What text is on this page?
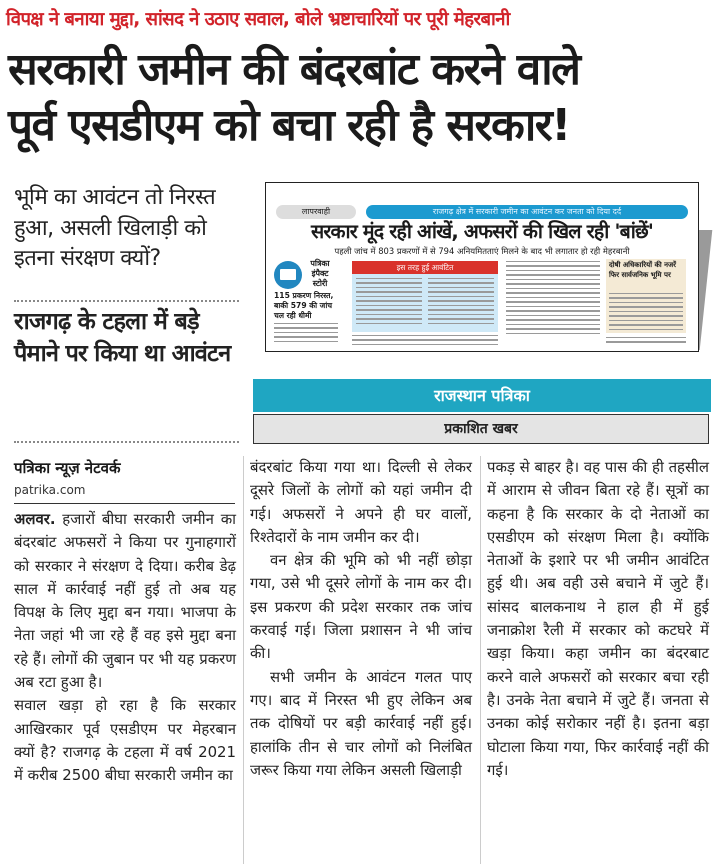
विपक्ष ने बनाया मुद्दा, सांसद ने उठाए सवाल, बोले भ्रष्टाचारियों पर पूरी मेहरबानी
सरकारी जमीन की बंदरबांट करने वाले
पूर्व एसडीएम को बचा रही है सरकार!
भूमि का आवंटन तो निरस्त हुआ, असली खिलाड़ी को इतना संरक्षण क्यों?
राजगढ़ के टहला में बड़े पैमाने पर किया था आवंटन
लापरवाही	राजगढ़ क्षेत्र में सरकारी जमीन का आवंटन कर जनता को दिया दर्द
सरकार मूंद रही आंखें, अफसरों की खिल रही 'बांछें'
पहली जांच में 803 प्रकरणों में से 794 अनियमितताएं मिलने के बाद भी लगातार हो रही मेहरबानी
पत्रिका इंपैक्ट स्टोरी
115 प्रकरण निरस्त, बाकी 579 की जांच चल रही धीमी
इस तरह हुई आवंटित	दोषी अधिकारियों की नजरें फिर सार्वजनिक भूमि पर
राजस्थान पत्रिका
प्रकाशित खबर
पत्रिका न्यूज़ नेटवर्क
patrika.com

अलवर. हजारों बीघा सरकारी जमीन का बंदरबांट अफसरों ने किया पर गुनाहगारों को सरकार ने संरक्षण दे दिया। करीब डेढ़ साल में कार्रवाई नहीं हुई तो अब यह विपक्ष के लिए मुद्दा बन गया। भाजपा के नेता जहां भी जा रहे हैं वह इसे मुद्दा बना रहे हैं। लोगों की जुबान पर भी यह प्रकरण अब रटा हुआ है।

सवाल खड़ा हो रहा है कि सरकार आखिरकार पूर्व एसडीएम पर मेहरबान क्यों है? राजगढ़ के टहला में वर्ष 2021 में करीब 2500 बीघा सरकारी जमीन का

बंदरबांट किया गया था। दिल्ली से लेकर दूसरे जिलों के लोगों को यहां जमीन दी गई। अफसरों ने अपने ही घर वालों, रिश्तेदारों के नाम जमीन कर दी।

वन क्षेत्र की भूमि को भी नहीं छोड़ा गया, उसे भी दूसरे लोगों के नाम कर दी। इस प्रकरण की प्रदेश सरकार तक जांच करवाई गई। जिला प्रशासन ने भी जांच की।

सभी जमीन के आवंटन गलत पाए गए। बाद में निरस्त भी हुए लेकिन अब तक दोषियों पर बड़ी कार्रवाई नहीं हुई। हालांकि तीन से चार लोगों को निलंबित जरूर किया गया लेकिन असली खिलाड़ी

पकड़ से बाहर है। वह पास की ही तहसील में आराम से जीवन बिता रहे हैं। सूत्रों का कहना है कि सरकार के दो नेताओं का एसडीएम को संरक्षण मिला है। क्योंकि नेताओं के इशारे पर भी जमीन आवंटित हुई थी। अब वही उसे बचाने में जुटे हैं। सांसद बालकनाथ ने हाल ही में हुई जनाक्रोश रैली में सरकार को कटघरे में खड़ा किया। कहा जमीन का बंदरबाट करने वाले अफसरों को सरकार बचा रही है। उनके नेता बचाने में जुटे हैं। जनता से उनका कोई सरोकार नहीं है। इतना बड़ा घोटाला किया गया, फिर कार्रवाई नहीं की गई।
